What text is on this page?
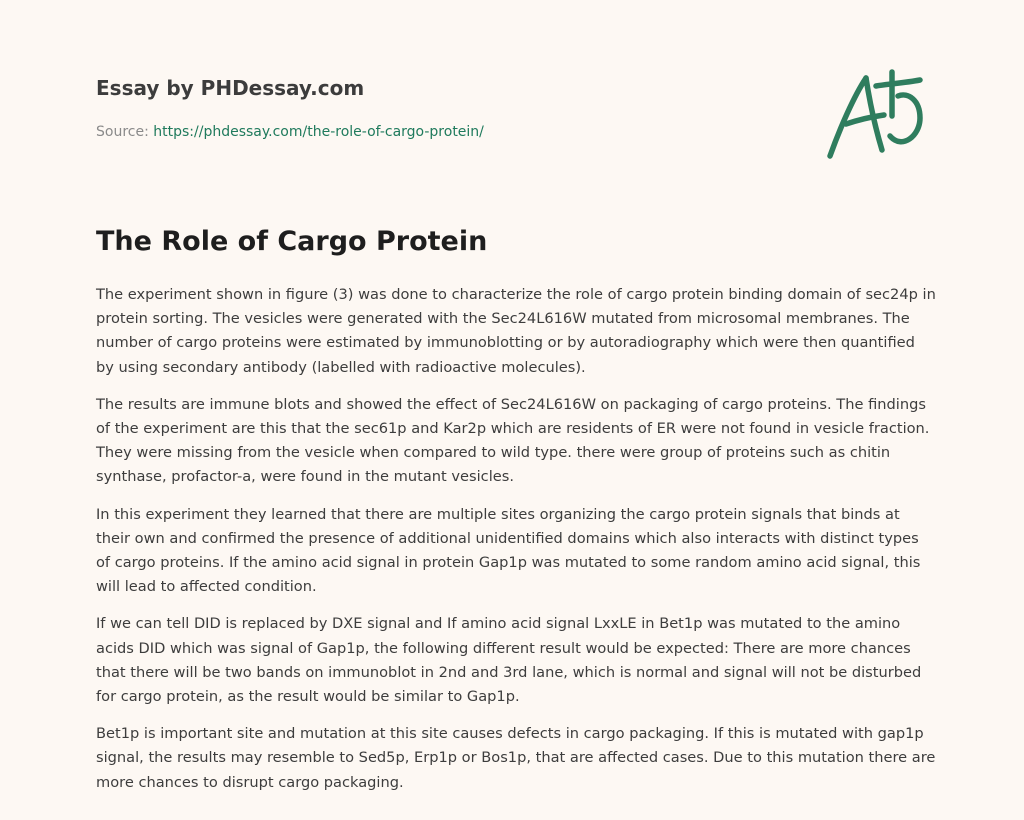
Essay by PHDessay.com
Source: https://phdessay.com/the-role-of-cargo-protein/
The Role of Cargo Protein

The experiment shown in figure (3) was done to characterize the role of cargo protein binding domain of sec24p in protein sorting. The vesicles were generated with the Sec24L616W mutated from microsomal membranes. The number of cargo proteins were estimated by immunoblotting or by autoradiography which were then quantified by using secondary antibody (labelled with radioactive molecules).

The results are immune blots and showed the effect of Sec24L616W on packaging of cargo proteins. The findings of the experiment are this that the sec61p and Kar2p which are residents of ER were not found in vesicle fraction. They were missing from the vesicle when compared to wild type. there were group of proteins such as chitin synthase, profactor-a, were found in the mutant vesicles.

In this experiment they learned that there are multiple sites organizing the cargo protein signals that binds at their own and confirmed the presence of additional unidentified domains which also interacts with distinct types of cargo proteins. If the amino acid signal in protein Gap1p was mutated to some random amino acid signal, this will lead to affected condition.

If we can tell DID is replaced by DXE signal and If amino acid signal LxxLE in Bet1p was mutated to the amino acids DID which was signal of Gap1p, the following different result would be expected: There are more chances that there will be two bands on immunoblot in 2nd and 3rd lane, which is normal and signal will not be disturbed for cargo protein, as the result would be similar to Gap1p.

Bet1p is important site and mutation at this site causes defects in cargo packaging. If this is mutated with gap1p signal, the results may resemble to Sed5p, Erp1p or Bos1p, that are affected cases. Due to this mutation there are more chances to disrupt cargo packaging.
